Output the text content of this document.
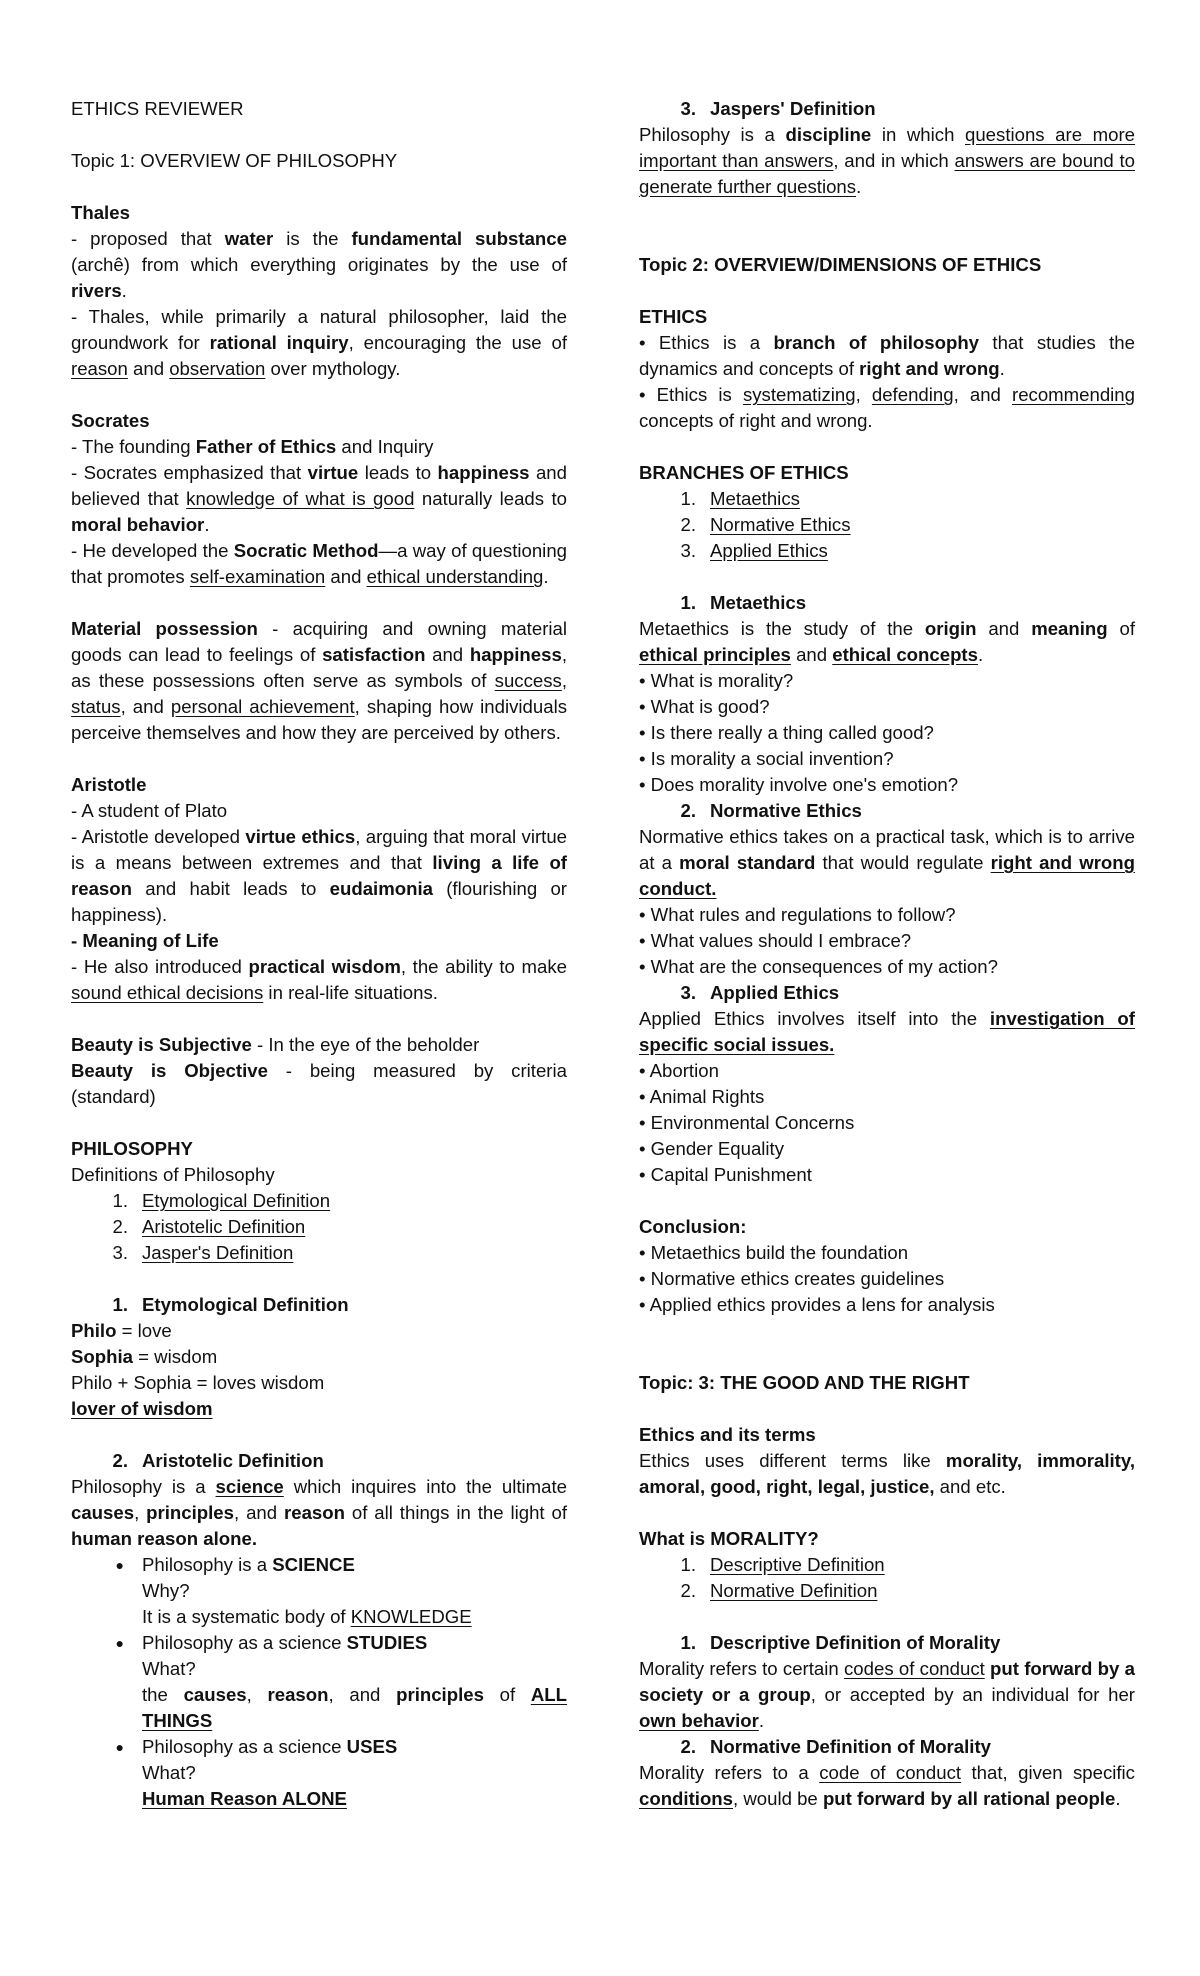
ETHICS REVIEWER

Topic 1: OVERVIEW OF PHILOSOPHY

Thales

- proposed that water is the fundamental substance (archê) from which everything originates by the use of rivers.

- Thales, while primarily a natural philosopher, laid the groundwork for rational inquiry, encouraging the use of reason and observation over mythology.

Socrates

- The founding Father of Ethics and Inquiry

- Socrates emphasized that virtue leads to happiness and believed that knowledge of what is good naturally leads to moral behavior.

- He developed the Socratic Method—a way of questioning that promotes self-examination and ethical understanding.

Material possession - acquiring and owning material goods can lead to feelings of satisfaction and happiness, as these possessions often serve as symbols of success, status, and personal achievement, shaping how individuals perceive themselves and how they are perceived by others.

Aristotle

- A student of Plato

- Aristotle developed virtue ethics, arguing that moral virtue is a means between extremes and that living a life of reason and habit leads to eudaimonia (flourishing or happiness).

- Meaning of Life

- He also introduced practical wisdom, the ability to make sound ethical decisions in real-life situations.

Beauty is Subjective - In the eye of the beholder

Beauty is Objective - being measured by criteria (standard)

PHILOSOPHY

Definitions of Philosophy

1. Etymological Definition
2. Aristotelic Definition
3. Jasper's Definition
1. Etymological Definition

Philo = love

Sophia = wisdom

Philo + Sophia = loves wisdom

lover of wisdom

2. Aristotelic Definition

Philosophy is a science which inquires into the ultimate causes, principles, and reason of all things in the light of human reason alone.

● Philosophy is a SCIENCE

Why?

It is a systematic body of KNOWLEDGE

● Philosophy as a science STUDIES

What?

the causes, reason, and principles of ALL THINGS

● Philosophy as a science USES

What?

Human Reason ALONE

3. Jaspers' Definition

Philosophy is a discipline in which questions are more important than answers, and in which answers are bound to generate further questions.

Topic 2: OVERVIEW/DIMENSIONS OF ETHICS

ETHICS

• Ethics is a branch of philosophy that studies the dynamics and concepts of right and wrong.

• Ethics is systematizing, defending, and recommending concepts of right and wrong.

BRANCHES OF ETHICS

1. Metaethics
2. Normative Ethics
3. Applied Ethics
1. Metaethics

Metaethics is the study of the origin and meaning of ethical principles and ethical concepts.

• What is morality?

• What is good?

• Is there really a thing called good?

• Is morality a social invention?

• Does morality involve one's emotion?

2. Normative Ethics

Normative ethics takes on a practical task, which is to arrive at a moral standard that would regulate right and wrong conduct.

• What rules and regulations to follow?

• What values should I embrace?

• What are the consequences of my action?

3. Applied Ethics

Applied Ethics involves itself into the investigation of specific social issues.

• Abortion

• Animal Rights

• Environmental Concerns

• Gender Equality

• Capital Punishment

Conclusion:

• Metaethics build the foundation

• Normative ethics creates guidelines

• Applied ethics provides a lens for analysis

Topic: 3: THE GOOD AND THE RIGHT

Ethics and its terms

Ethics uses different terms like morality, immorality, amoral, good, right, legal, justice, and etc.

What is MORALITY?

1. Descriptive Definition
2. Normative Definition
1. Descriptive Definition of Morality

Morality refers to certain codes of conduct put forward by a society or a group, or accepted by an individual for her own behavior.

2. Normative Definition of Morality

Morality refers to a code of conduct that, given specific conditions, would be put forward by all rational people.
